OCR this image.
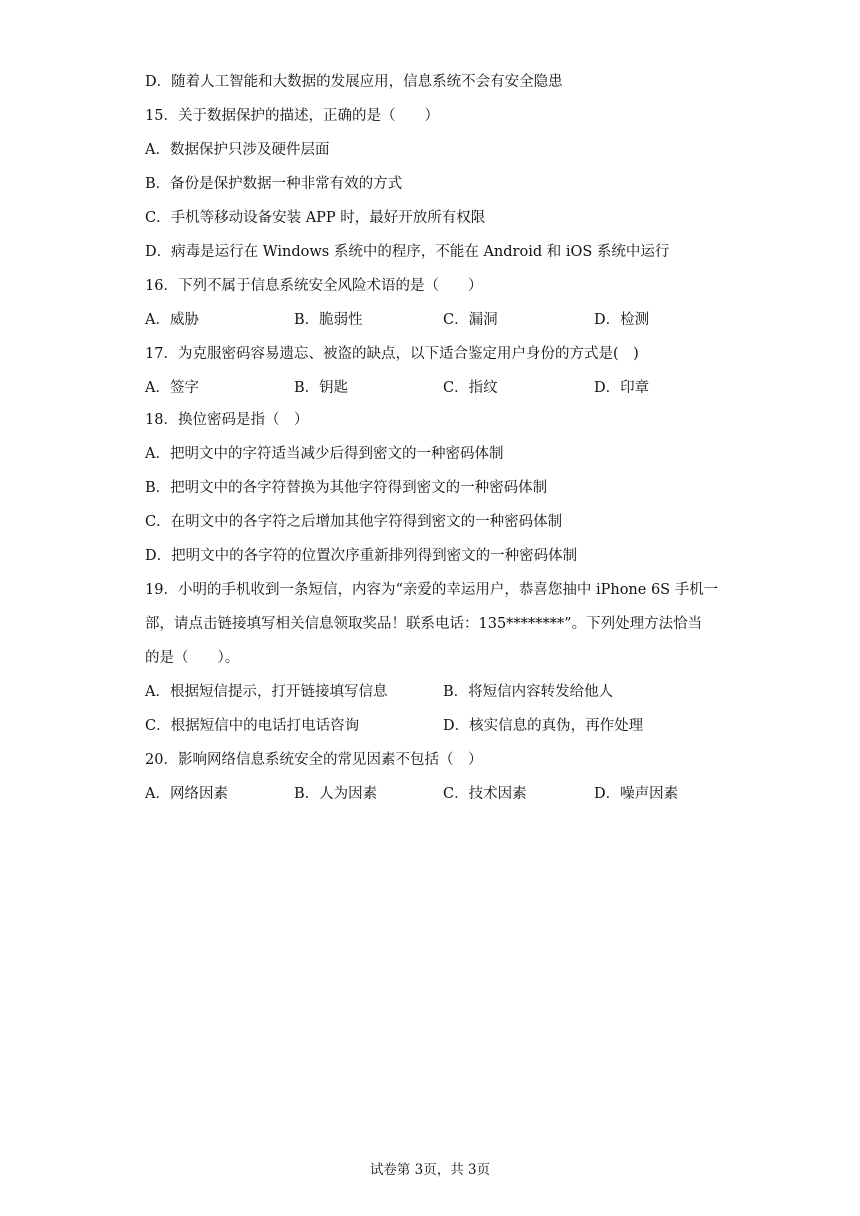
D．随着人工智能和大数据的发展应用，信息系统不会有安全隐患
15．关于数据保护的描述，正确的是（　　）
A．数据保护只涉及硬件层面
B．备份是保护数据一种非常有效的方式
C．手机等移动设备安装 APP 时，最好开放所有权限
D．病毒是运行在 Windows 系统中的程序，不能在 Android 和 iOS 系统中运行
16．下列不属于信息系统安全风险术语的是（　　）
A．威胁	B．脆弱性	C．漏洞	D．检测
17．为克服密码容易遗忘、被盗的缺点，以下适合鉴定用户身份的方式是(　)
A．签字	B．钥匙	C．指纹	D．印章
18．换位密码是指（　）
A．把明文中的字符适当减少后得到密文的一种密码体制
B．把明文中的各字符替换为其他字符得到密文的一种密码体制
C．在明文中的各字符之后增加其他字符得到密文的一种密码体制
D．把明文中的各字符的位置次序重新排列得到密文的一种密码体制
19．小明的手机收到一条短信，内容为“亲爱的幸运用户，恭喜您抽中 iPhone 6S 手机一
部，请点击链接填写相关信息领取奖品！联系电话：135********”。下列处理方法恰当
的是（　　）。
A．根据短信提示，打开链接填写信息	B．将短信内容转发给他人
C．根据短信中的电话打电话咨询	D．核实信息的真伪，再作处理
20．影响网络信息系统安全的常见因素不包括（　）
A．网络因素	B．人为因素	C．技术因素	D．噪声因素
试卷第 3页，共 3页
